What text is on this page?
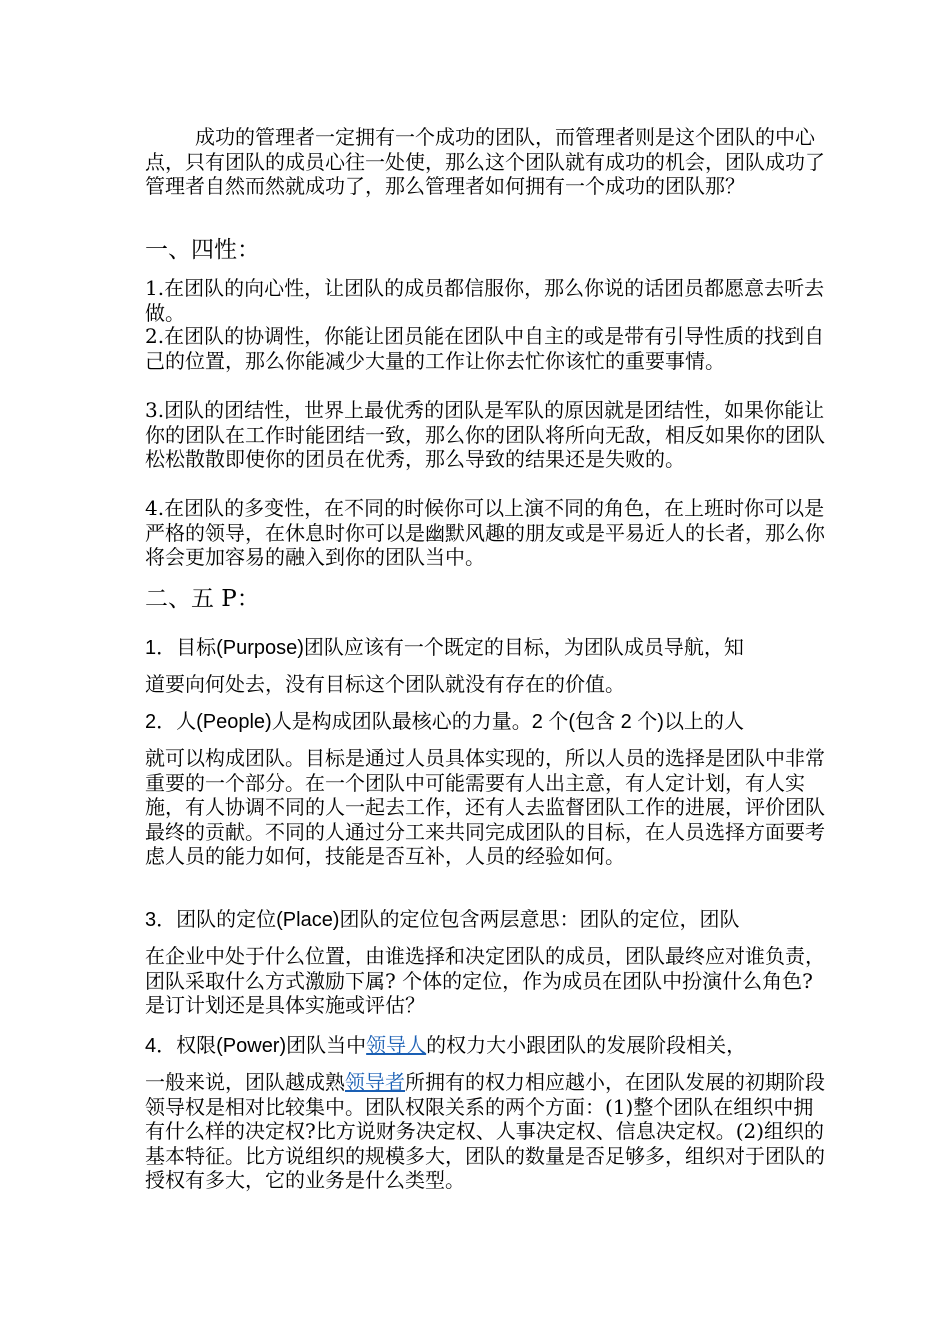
成功的管理者一定拥有一个成功的团队，而管理者则是这个团队的中心点，只有团队的成员心往一处使，那么这个团队就有成功的机会，团队成功了管理者自然而然就成功了，那么管理者如何拥有一个成功的团队那？

一、四性：

1.在团队的向心性，让团队的成员都信服你，那么你说的话团员都愿意去听去做。

2.在团队的协调性，你能让团员能在团队中自主的或是带有引导性质的找到自己的位置，那么你能减少大量的工作让你去忙你该忙的重要事情。

3.团队的团结性，世界上最优秀的团队是军队的原因就是团结性，如果你能让你的团队在工作时能团结一致，那么你的团队将所向无敌，相反如果你的团队松松散散即使你的团员在优秀，那么导致的结果还是失败的。

4.在团队的多变性，在不同的时候你可以上演不同的角色，在上班时你可以是严格的领导，在休息时你可以是幽默风趣的朋友或是平易近人的长者，那么你将会更加容易的融入到你的团队当中。

二、五 P：

1．目标(Purpose)团队应该有一个既定的目标，为团队成员导航，知

道要向何处去，没有目标这个团队就没有存在的价值。

2．人(People)人是构成团队最核心的力量。2 个(包含 2 个)以上的人

就可以构成团队。目标是通过人员具体实现的，所以人员的选择是团队中非常重要的一个部分。在一个团队中可能需要有人出主意，有人定计划，有人实施，有人协调不同的人一起去工作，还有人去监督团队工作的进展，评价团队最终的贡献。不同的人通过分工来共同完成团队的目标，在人员选择方面要考虑人员的能力如何，技能是否互补，人员的经验如何。

3．团队的定位(Place)团队的定位包含两层意思：团队的定位，团队

在企业中处于什么位置，由谁选择和决定团队的成员，团队最终应对谁负责，团队采取什么方式激励下属? 个体的定位，作为成员在团队中扮演什么角色?是订计划还是具体实施或评估？

4．权限(Power)团队当中领导人的权力大小跟团队的发展阶段相关，

一般来说，团队越成熟领导者所拥有的权力相应越小，在团队发展的初期阶段领导权是相对比较集中。团队权限关系的两个方面：(1)整个团队在组织中拥有什么样的决定权?比方说财务决定权、人事决定权、信息决定权。(2)组织的基本特征。比方说组织的规模多大，团队的数量是否足够多，组织对于团队的授权有多大，它的业务是什么类型。
